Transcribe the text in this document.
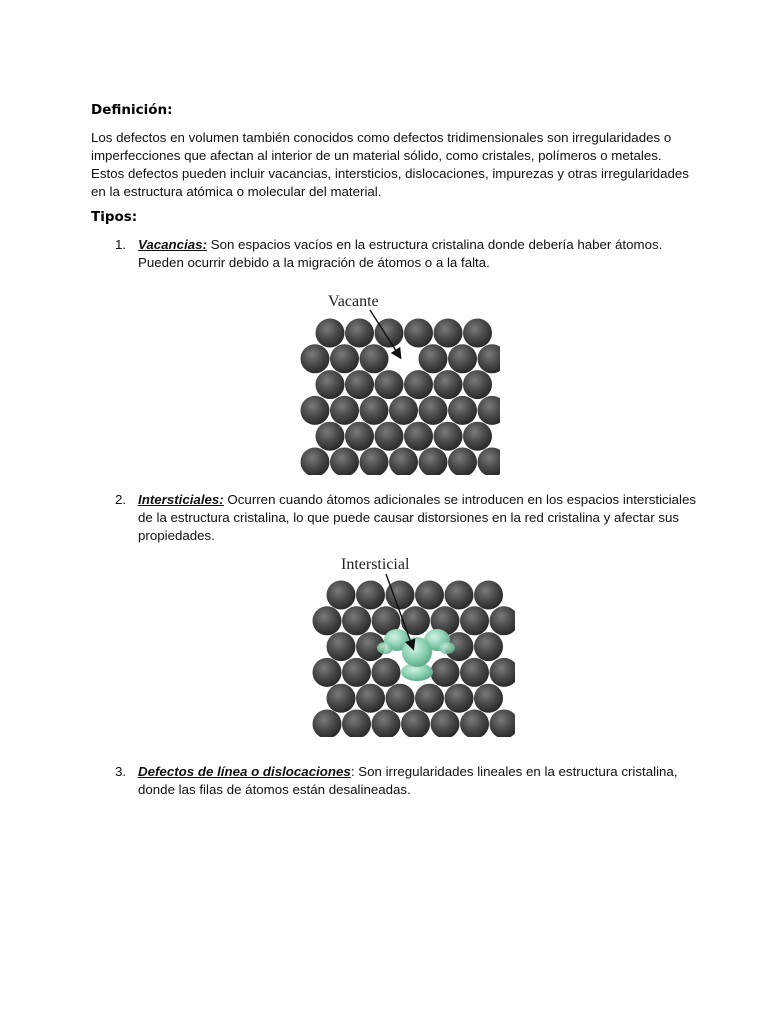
Definición:
Los defectos en volumen también conocidos como defectos tridimensionales son irregularidades o imperfecciones que afectan al interior de un material sólido, como cristales, polímeros o metales. Estos defectos pueden incluir vacancias, intersticios, dislocaciones, impurezas y otras irregularidades en la estructura atómica o molecular del material.
Tipos:
1. Vacancias: Son espacios vacíos en la estructura cristalina donde debería haber átomos. Pueden ocurrir debido a la migración de átomos o a la falta.
Vacante
2. Intersticiales: Ocurren cuando átomos adicionales se introducen en los espacios intersticiales de la estructura cristalina, lo que puede causar distorsiones en la red cristalina y afectar sus propiedades.
Intersticial
3. Defectos de línea o dislocaciones: Son irregularidades lineales en la estructura cristalina, donde las filas de átomos están desalineadas.
